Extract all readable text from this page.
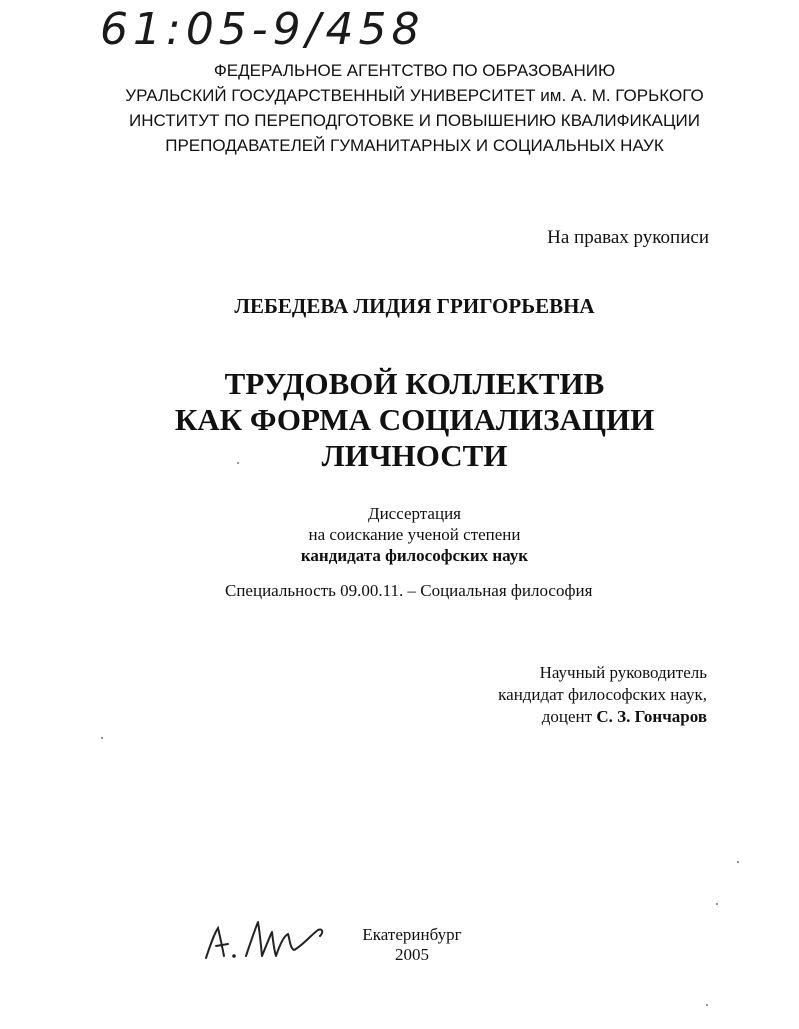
61:05-9/458
ФЕДЕРАЛЬНОЕ АГЕНТСТВО ПО ОБРАЗОВАНИЮ
УРАЛЬСКИЙ ГОСУДАРСТВЕННЫЙ УНИВЕРСИТЕТ им. А. М. ГОРЬКОГО
ИНСТИТУТ ПО ПЕРЕПОДГОТОВКЕ И ПОВЫШЕНИЮ КВАЛИФИКАЦИИ
ПРЕПОДАВАТЕЛЕЙ ГУМАНИТАРНЫХ И СОЦИАЛЬНЫХ НАУК
На правах рукописи
ЛЕБЕДЕВА ЛИДИЯ ГРИГОРЬЕВНА
ТРУДОВОЙ КОЛЛЕКТИВ
КАК ФОРМА СОЦИАЛИЗАЦИИ
ЛИЧНОСТИ
Диссертация
на соискание ученой степени
кандидата философских наук
Специальность 09.00.11. – Социальная философия
Научный руководитель
кандидат философских наук,
доцент С. З. Гончаров
Екатеринбург
2005
